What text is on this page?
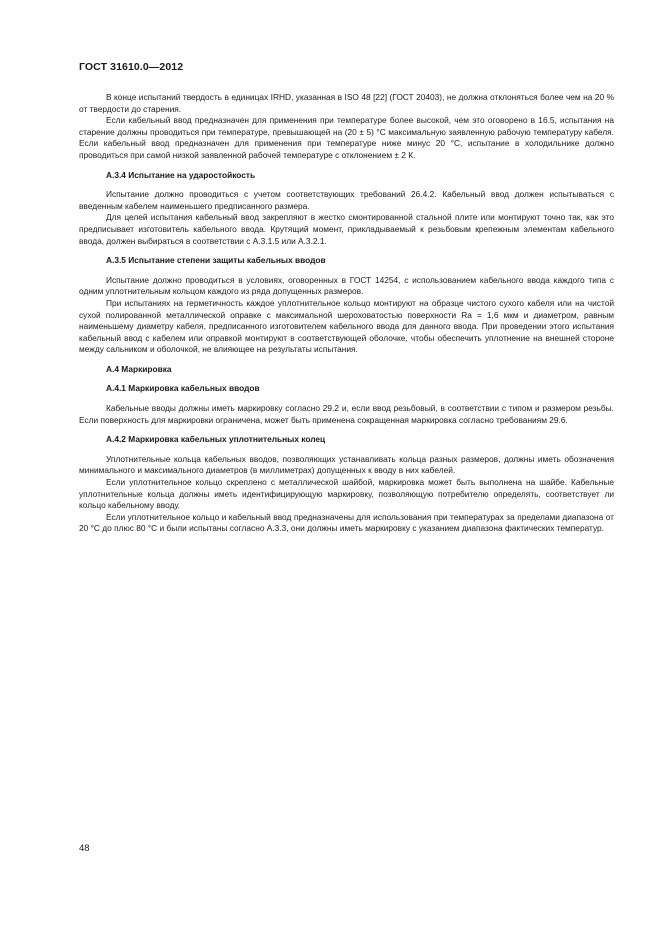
ГОСТ 31610.0—2012

В конце испытаний твердость в единицах IRHD, указанная в ISO 48 [22] (ГОСТ 20403), не должна отклоняться более чем на 20 % от твердости до старения.

Если кабельный ввод предназначен для применения при температуре более высокой, чем это оговорено в 16.5, испытания на старение должны проводиться при температуре, превышающей на (20 ± 5) °С максимальную заявленную рабочую температуру кабеля. Если кабельный ввод предназначен для применения при температуре ниже минус 20 °С, испытание в холодильнике должно проводиться при самой низкой заявленной рабочей температуре с отклонением ± 2 К.

А.3.4 Испытание на ударостойкость

Испытание должно проводиться с учетом соответствующих требований 26.4.2. Кабельный ввод должен испытываться с введенным кабелем наименьшего предписанного размера.

Для целей испытания кабельный ввод закрепляют в жестко смонтированной стальной плите или монтируют точно так, как это предписывает изготовитель кабельного ввода. Крутящий момент, прикладываемый к резьбовым крепежным элементам кабельного ввода, должен выбираться в соответствии с А.3.1.5 или А.3.2.1.

А.3.5 Испытание степени защиты кабельных вводов

Испытание должно проводиться в условиях, оговоренных в ГОСТ 14254, с использованием кабельного ввода каждого типа с одним уплотнительным кольцом каждого из ряда допущенных размеров.

При испытаниях на герметичность каждое уплотнительное кольцо монтируют на образце чистого сухого кабеля или на чистой сухой полированной металлической оправке с максимальной шероховатостью поверхности Ra = 1,6 мкм и диаметром, равным наименьшему диаметру кабеля, предписанного изготовителем кабельного ввода для данного ввода. При проведении этого испытания кабельный ввод с кабелем или оправкой монтируют в соответствующей оболочке, чтобы обеспечить уплотнение на внешней стороне между сальником и оболочкой, не влияющее на результаты испытания.

А.4 Маркировка
А.4.1 Маркировка кабельных вводов

Кабельные вводы должны иметь маркировку согласно 29.2 и, если ввод резьбовый, в соответствии с типом и размером резьбы. Если поверхность для маркировки ограничена, может быть применена сокращенная маркировка согласно требованиям 29.6.

А.4.2 Маркировка кабельных уплотнительных колец

Уплотнительные кольца кабельных вводов, позволяющих устанавливать кольца разных размеров, должны иметь обозначения минимального и максимального диаметров (в миллиметрах) допущенных к вводу в них кабелей.

Если уплотнительное кольцо скреплено с металлической шайбой, маркировка может быть выполнена на шайбе. Кабельные уплотнительные кольца должны иметь идентифицирующую маркировку, позволяющую потребителю определять, соответствует ли кольцо кабельному вводу.

Если уплотнительное кольцо и кабельный ввод предназначены для использования при температурах за пределами диапазона от 20 °С до плюс 80 °С и были испытаны согласно А.3.3, они должны иметь маркировку с указанием диапазона фактических температур.

48
